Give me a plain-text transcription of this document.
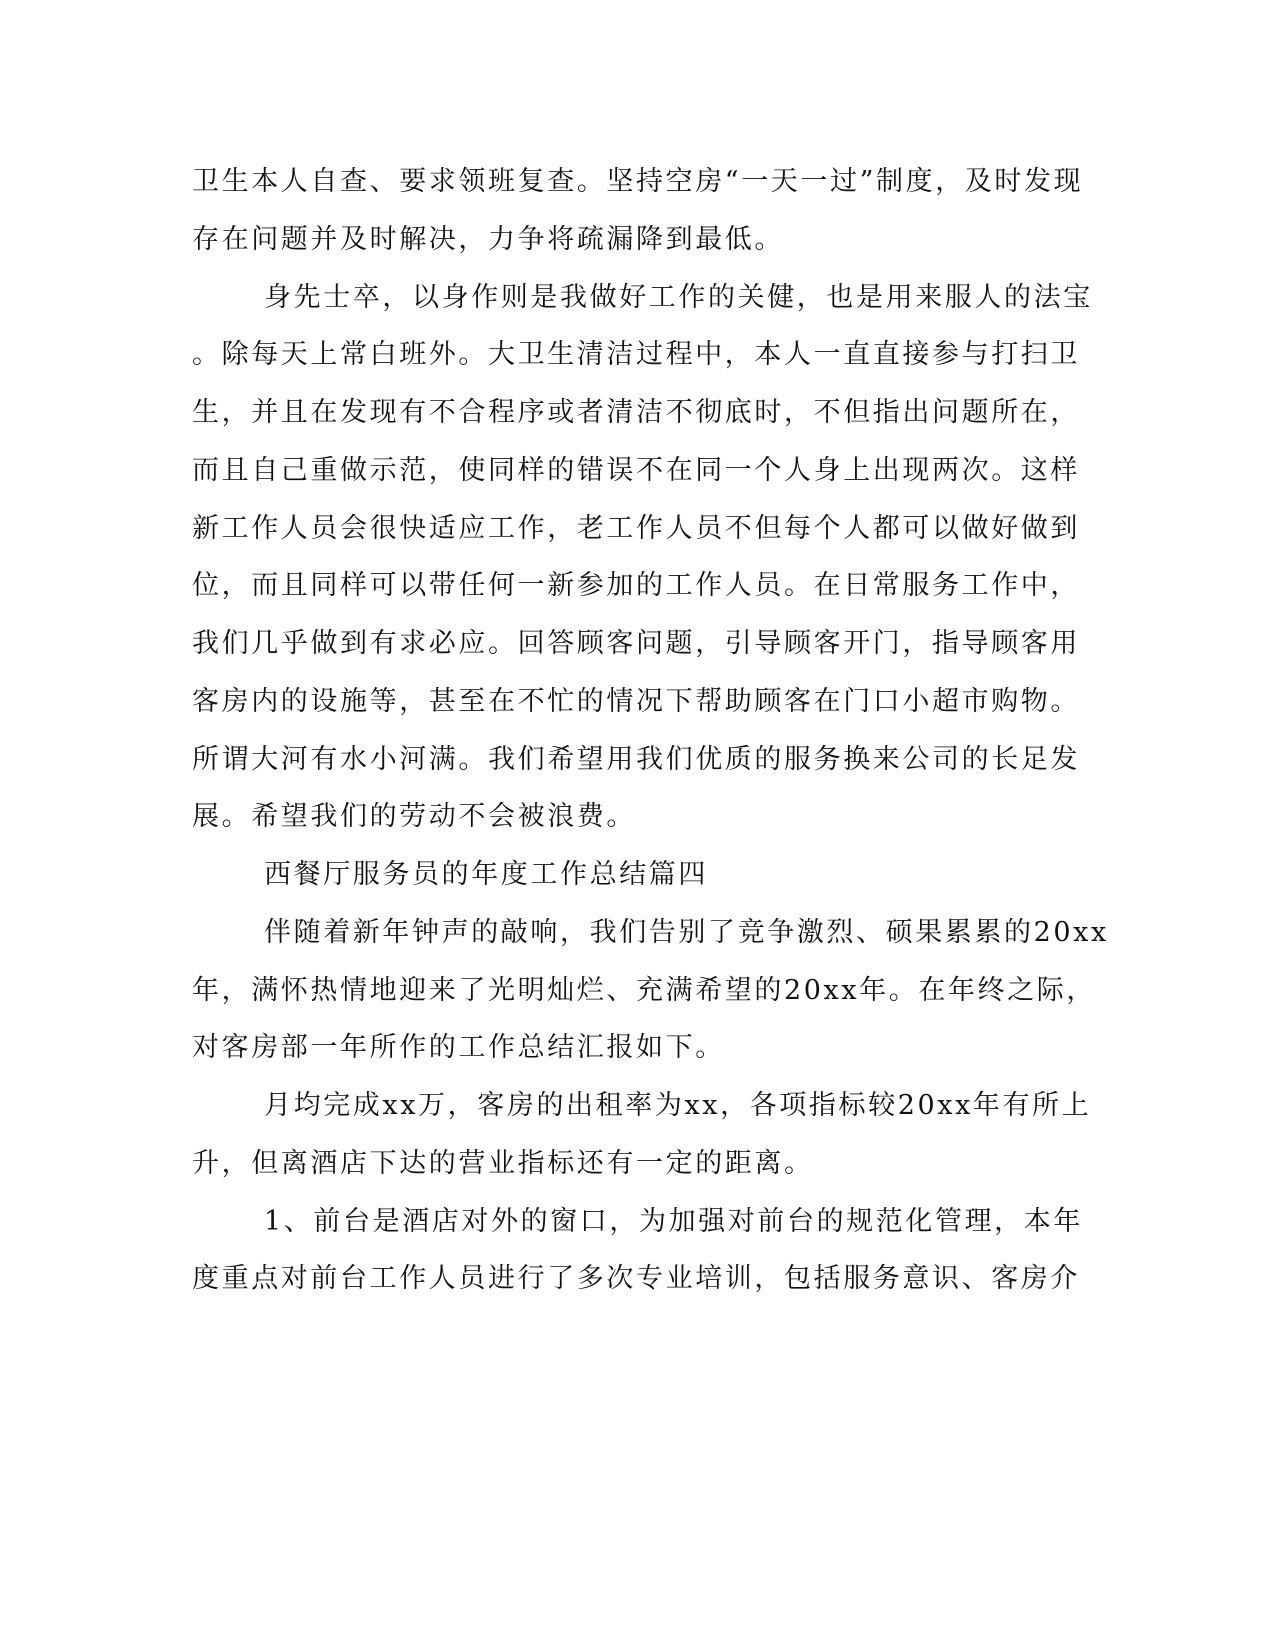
卫生本人自查、要求领班复查。坚持空房“一天一过”制度，及时发现
存在问题并及时解决，力争将疏漏降到最低。
身先士卒，以身作则是我做好工作的关健，也是用来服人的法宝
。除每天上常白班外。大卫生清洁过程中，本人一直直接参与打扫卫
生，并且在发现有不合程序或者清洁不彻底时，不但指出问题所在，
而且自己重做示范，使同样的错误不在同一个人身上出现两次。这样
新工作人员会很快适应工作，老工作人员不但每个人都可以做好做到
位，而且同样可以带任何一新参加的工作人员。在日常服务工作中，
我们几乎做到有求必应。回答顾客问题，引导顾客开门，指导顾客用
客房内的设施等，甚至在不忙的情况下帮助顾客在门口小超市购物。
所谓大河有水小河满。我们希望用我们优质的服务换来公司的长足发
展。希望我们的劳动不会被浪费。
西餐厅服务员的年度工作总结篇四
伴随着新年钟声的敲响，我们告别了竞争激烈、硕果累累的20xx
年，满怀热情地迎来了光明灿烂、充满希望的20xx年。在年终之际，
对客房部一年所作的工作总结汇报如下。
月均完成xx万，客房的出租率为xx，各项指标较20xx年有所上
升，但离酒店下达的营业指标还有一定的距离。
1、前台是酒店对外的窗口，为加强对前台的规范化管理，本年
度重点对前台工作人员进行了多次专业培训，包括服务意识、客房介
